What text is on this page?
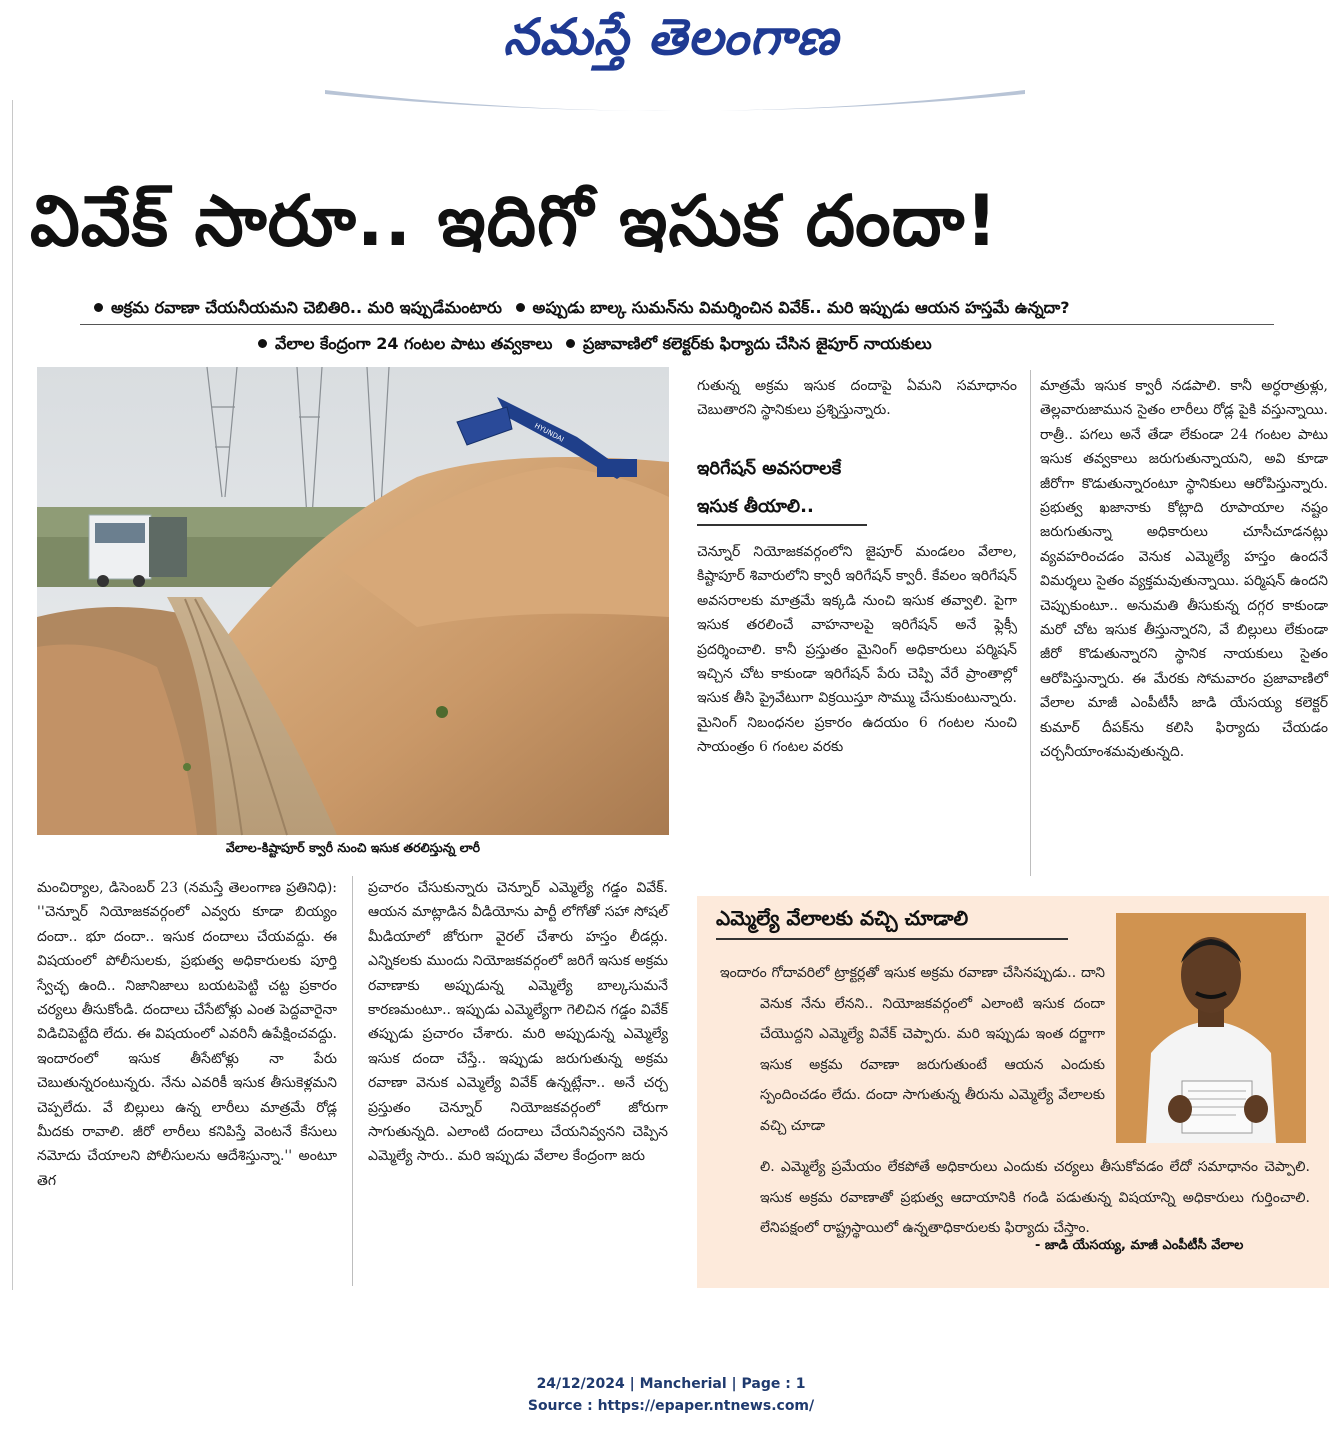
నమస్తే తెలంగాణ
వివేక్ సారూ.. ఇదిగో ఇసుక దందా!
అక్రమ రవాణా చేయనీయమని చెబితిరి.. మరి ఇప్పుడేమంటారు అప్పుడు బాల్క సుమన్‌ను విమర్శించిన వివేక్.. మరి ఇప్పుడు ఆయన హస్తమే ఉన్నదా?
వేలాల కేంద్రంగా 24 గంటల పాటు తవ్వకాలు ప్రజావాణిలో కలెక్టర్‌కు ఫిర్యాదు చేసిన జైపూర్ నాయకులు
HYUNDAI
వేలాల-కిష్టాపూర్ క్వారీ నుంచి ఇసుక తరలిస్తున్న లారీ

గుతున్న అక్రమ ఇసుక దందాపై ఏమని సమాధానం చెబుతారని స్థానికులు ప్రశ్నిస్తున్నారు.

ఇరిగేషన్ అవసరాలకే
ఇసుక తీయాలి..

చెన్నూర్ నియోజకవర్గంలోని జైపూర్ మండలం వేలాల, కిష్టాపూర్ శివారులోని క్వారీ ఇరిగేషన్ క్వారీ. కేవలం ఇరిగేషన్ అవసరాలకు మాత్రమే ఇక్కడి నుంచి ఇసుక తవ్వాలి. పైగా ఇసుక తరలించే వాహనాలపై ఇరిగేషన్ అనే ఫ్లెక్సీ ప్రదర్శించాలి. కానీ ప్రస్తుతం మైనింగ్ అధికారులు పర్మిషన్ ఇచ్చిన చోట కాకుండా ఇరిగేషన్ పేరు చెప్పి వేరే ప్రాంతాల్లో ఇసుక తీసి ప్రైవేటుగా విక్రయిస్తూ సొమ్ము చేసుకుంటున్నారు. మైనింగ్ నిబంధనల ప్రకారం ఉదయం 6 గంటల నుంచి సాయంత్రం 6 గంటల వరకు

మాత్రమే ఇసుక క్వారీ నడపాలి. కానీ అర్ధరాత్రుళ్లు, తెల్లవారుజామున సైతం లారీలు రోడ్ల పైకి వస్తున్నాయి. రాత్రీ.. పగలు అనే తేడా లేకుండా 24 గంటల పాటు ఇసుక తవ్వకాలు జరుగుతున్నాయని, అవి కూడా జీరోగా కొడుతున్నారంటూ స్థానికులు ఆరోపిస్తున్నారు. ప్రభుత్వ ఖజానాకు కోట్లాది రూపాయాల నష్టం జరుగుతున్నా అధికారులు చూసీచూడనట్లు వ్యవహరించడం వెనుక ఎమ్మెల్యే హస్తం ఉందనే విమర్శలు సైతం వ్యక్తమవుతున్నాయి. పర్మిషన్ ఉందని చెప్పుకుంటూ.. అనుమతి తీసుకున్న దగ్గర కాకుండా మరో చోట ఇసుక తీస్తున్నారని, వే బిల్లులు లేకుండా జీరో కొడుతున్నారని స్థానిక నాయకులు సైతం ఆరోపిస్తున్నారు. ఈ మేరకు సోమవారం ప్రజావాణిలో వేలాల మాజీ ఎంపీటీసీ జాడి యేసయ్య కలెక్టర్ కుమార్ దీపక్‌ను కలిసి ఫిర్యాదు చేయడం చర్చనీయాంశమవుతున్నది.

మంచిర్యాల, డిసెంబర్ 23 (నమస్తే తెలంగాణ ప్రతినిధి): ''చెన్నూర్ నియోజకవర్గంలో ఎవ్వరు కూడా బియ్యం దందా.. భూ దందా.. ఇసుక దందాలు చేయవద్దు. ఈ విషయంలో పోలీసులకు, ప్రభుత్వ అధికారులకు పూర్తి స్వేచ్ఛ ఉంది.. నిజానిజాలు బయటపెట్టి చట్ట ప్రకారం చర్యలు తీసుకోండి. దందాలు చేసేటోళ్లు ఎంత పెద్దవారైనా విడిచిపెట్టేది లేదు. ఈ విషయంలో ఎవరినీ ఉపేక్షించవద్దు. ఇందారంలో ఇసుక తీసేటోళ్లు నా పేరు చెబుతున్నరంటున్నరు. నేను ఎవరికీ ఇసుక తీసుకెళ్లమని చెప్పలేదు. వే బిల్లులు ఉన్న లారీలు మాత్రమే రోడ్ల మీదకు రావాలి. జీరో లారీలు కనిపిస్తే వెంటనే కేసులు నమోదు చేయాలని పోలీసులను ఆదేశిస్తున్నా.'' అంటూ తెగ

ప్రచారం చేసుకున్నారు చెన్నూర్ ఎమ్మెల్యే గడ్డం వివేక్. ఆయన మాట్లాడిన వీడియోను పార్టీ లోగోతో సహా సోషల్ మీడియాలో జోరుగా వైరల్ చేశారు హస్తం లీడర్లు. ఎన్నికలకు ముందు నియోజకవర్గంలో జరిగే ఇసుక అక్రమ రవాణాకు అప్పుడున్న ఎమ్మెల్యే బాల్కసుమనే కారణమంటూ.. ఇప్పుడు ఎమ్మెల్యేగా గెలిచిన గడ్డం వివేక్ తప్పుడు ప్రచారం చేశారు. మరి అప్పుడున్న ఎమ్మెల్యే ఇసుక దందా చేస్తే.. ఇప్పుడు జరుగుతున్న అక్రమ రవాణా వెనుక ఎమ్మెల్యే వివేక్ ఉన్నట్లేనా.. అనే చర్చ ప్రస్తుతం చెన్నూర్ నియోజకవర్గంలో జోరుగా సాగుతున్నది. ఎలాంటి దందాలు చేయనివ్వనని చెప్పిన ఎమ్మెల్యే సారు.. మరి ఇప్పుడు వేలాల కేంద్రంగా జరు

ఎమ్మెల్యే వేలాలకు వచ్చి చూడాలి

ఇందారం గోదావరిలో ట్రాక్టర్లతో ఇసుక అక్రమ రవాణా చేసినప్పుడు.. దాని వెనుక నేను లేనని.. నియోజకవర్గంలో ఎలాంటి ఇసుక దందా చేయొద్దని ఎమ్మెల్యే వివేక్ చెప్పారు. మరి ఇప్పుడు ఇంత దర్జాగా ఇసుక అక్రమ రవాణా జరుగుతుంటే ఆయన ఎందుకు స్పందించడం లేదు. దందా సాగుతున్న తీరును ఎమ్మెల్యే వేలాలకు వచ్చి చూడా

లి. ఎమ్మెల్యే ప్రమేయం లేకపోతే అధికారులు ఎందుకు చర్యలు తీసుకోవడం లేదో సమాధానం చెప్పాలి. ఇసుక అక్రమ రవాణాతో ప్రభుత్వ ఆదాయానికి గండి పడుతున్న విషయాన్ని అధికారులు గుర్తించాలి. లేనిపక్షంలో రాష్ట్రస్థాయిలో ఉన్నతాధికారులకు ఫిర్యాదు చేస్తాం.

- జాడి యేసయ్య, మాజీ ఎంపీటీసీ వేలాల
24/12/2024 | Mancherial | Page : 1
Source : https://epaper.ntnews.com/
